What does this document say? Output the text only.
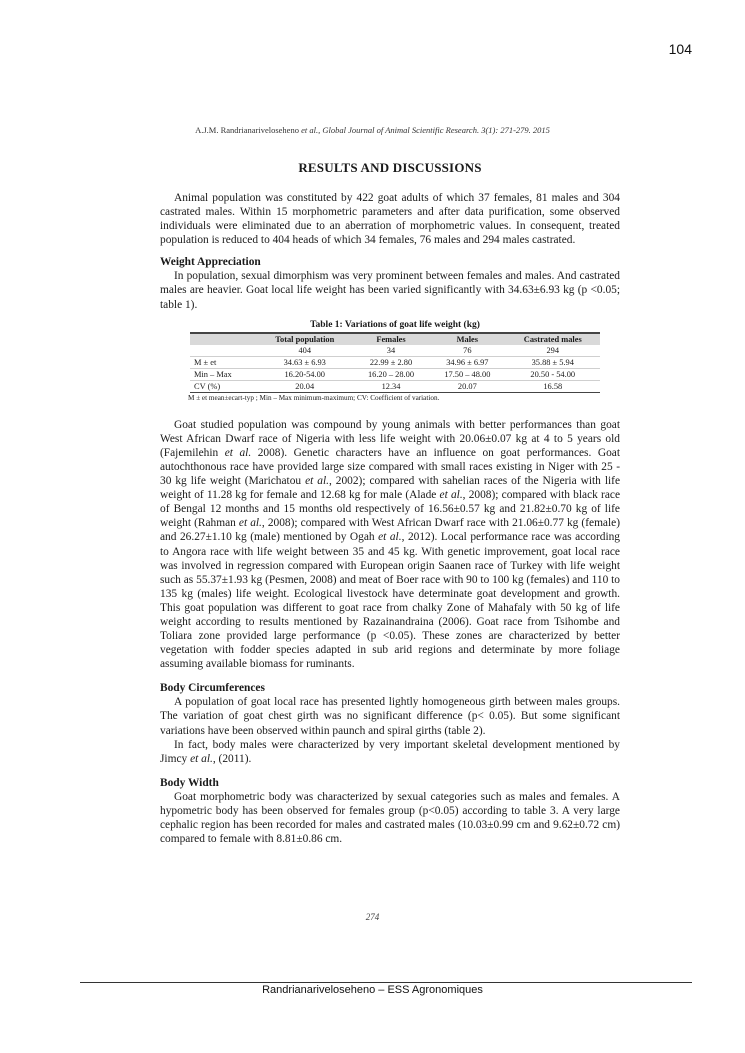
104
A.J.M. Randrianarivelosehеno et al., Global Journal of Animal Scientific Research. 3(1): 271-279. 2015
RESULTS AND DISCUSSIONS

Animal population was constituted by 422 goat adults of which 37 females, 81 males and 304 castrated males. Within 15 morphometric parameters and after data purification, some observed individuals were eliminated due to an aberration of morphometric values. In consequent, treated population is reduced to 404 heads of which 34 females, 76 males and 294 males castrated.

Weight Appreciation

In population, sexual dimorphism was very prominent between females and males. And castrated males are heavier. Goat local life weight has been varied significantly with 34.63±6.93 kg (p <0.05; table 1).

Table 1: Variations of goat life weight (kg)
	Total population	Females	Males	Castrated males
	404	34	76	294
M ± et	34.63 ± 6.93	22.99 ± 2.80	34.96 ± 6.97	35.88 ± 5.94
Min – Max	16.20-54.00	16.20 – 28.00	17.50 – 48.00	20.50 - 54.00
CV (%)	20.04	12.34	20.07	16.58
M ± et mean±ecart-typ ; Min – Max minimum-maximum; CV: Coefficient of variation.

Goat studied population was compound by young animals with better performances than goat West African Dwarf race of Nigeria with less life weight with 20.06±0.07 kg at 4 to 5 years old (Fajemilehin et al. 2008). Genetic characters have an influence on goat performances. Goat autochthonous race have provided large size compared with small races existing in Niger with 25 - 30 kg life weight (Marichatou et al., 2002); compared with sahelian races of the Nigeria with life weight of 11.28 kg for female and 12.68 kg for male (Alade et al., 2008); compared with black race of Bengal 12 months and 15 months old respectively of 16.56±0.57 kg and 21.82±0.70 kg of life weight (Rahman et al., 2008); compared with West African Dwarf race with 21.06±0.77 kg (female) and 26.27±1.10 kg (male) mentioned by Ogah et al., 2012). Local performance race was according to Angora race with life weight between 35 and 45 kg. With genetic improvement, goat local race was involved in regression compared with European origin Saanen race of Turkey with life weight such as 55.37±1.93 kg (Pesmen, 2008) and meat of Boer race with 90 to 100 kg (females) and 110 to 135 kg (males) life weight. Ecological livestock have determinate goat development and growth. This goat population was different to goat race from chalky Zone of Mahafaly with 50 kg of life weight according to results mentioned by Razainandraina (2006). Goat race from Tsihombe and Toliara zone provided large performance (p <0.05). These zones are characterized by better vegetation with fodder species adapted in sub arid regions and determinate by more foliage assuming available biomass for ruminants.

Body Circumferences

A population of goat local race has presented lightly homogeneous girth between males groups. The variation of goat chest girth was no significant difference (p< 0.05). But some significant variations have been observed within paunch and spiral girths (table 2).

In fact, body males were characterized by very important skeletal development mentioned by Jimcy et al., (2011).

Body Width

Goat morphometric body was characterized by sexual categories such as males and females. A hypometric body has been observed for females group (p<0.05) according to table 3. A very large cephalic region has been recorded for males and castrated males (10.03±0.99 cm and 9.62±0.72 cm) compared to female with 8.81±0.86 cm.

274
Randrianarivelosehеno – ESS Agronomiques
